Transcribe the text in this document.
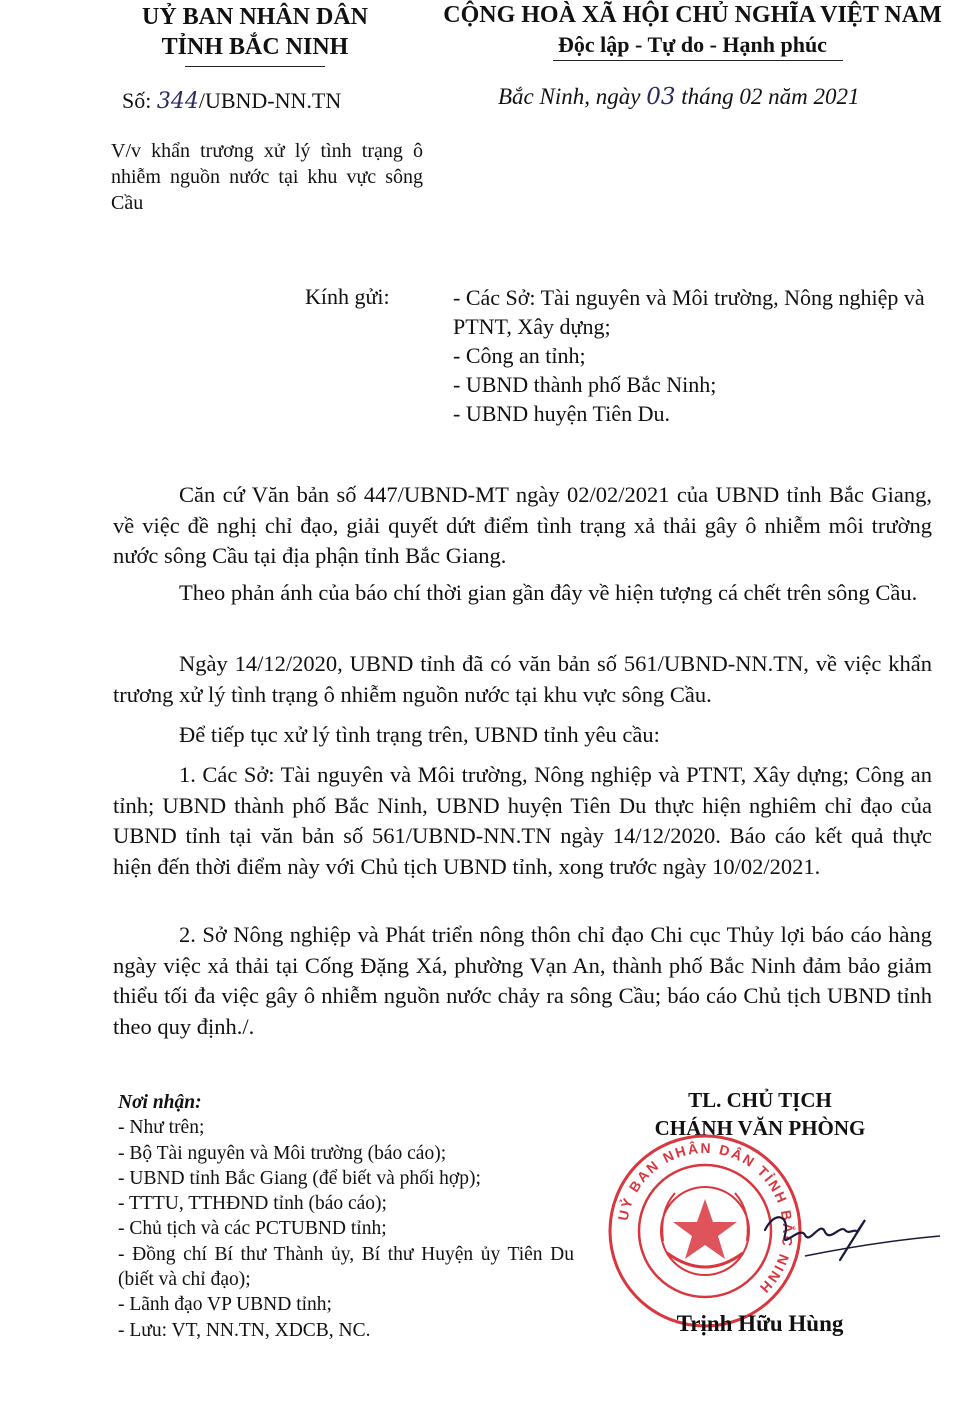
UỶ BAN NHÂN DÂN
TỈNH BẮC NINH
CỘNG HOÀ XÃ HỘI CHỦ NGHĨA VIỆT NAM
Độc lập - Tự do - Hạnh phúc
Số: 344/UBND-NN.TN	Bắc Ninh, ngày 03 tháng 02 năm 2021
V/v khẩn trương xử lý tình trạng ô nhiễm nguồn nước tại khu vực sông Cầu
Kính gửi:	- Các Sở: Tài nguyên và Môi trường, Nông nghiệp và PTNT, Xây dựng;
- Công an tỉnh;
- UBND thành phố Bắc Ninh;
- UBND huyện Tiên Du.
Căn cứ Văn bản số 447/UBND-MT ngày 02/02/2021 của UBND tỉnh Bắc Giang, về việc đề nghị chỉ đạo, giải quyết dứt điểm tình trạng xả thải gây ô nhiễm môi trường nước sông Cầu tại địa phận tỉnh Bắc Giang.
Theo phản ánh của báo chí thời gian gần đây về hiện tượng cá chết trên sông Cầu.
Ngày 14/12/2020, UBND tỉnh đã có văn bản số 561/UBND-NN.TN, về việc khẩn trương xử lý tình trạng ô nhiễm nguồn nước tại khu vực sông Cầu.
Để tiếp tục xử lý tình trạng trên, UBND tỉnh yêu cầu:
1. Các Sở: Tài nguyên và Môi trường, Nông nghiệp và PTNT, Xây dựng; Công an tỉnh; UBND thành phố Bắc Ninh, UBND huyện Tiên Du thực hiện nghiêm chỉ đạo của UBND tỉnh tại văn bản số 561/UBND-NN.TN ngày 14/12/2020. Báo cáo kết quả thực hiện đến thời điểm này với Chủ tịch UBND tỉnh, xong trước ngày 10/02/2021.
2. Sở Nông nghiệp và Phát triển nông thôn chỉ đạo Chi cục Thủy lợi báo cáo hàng ngày việc xả thải tại Cống Đặng Xá, phường Vạn An, thành phố Bắc Ninh đảm bảo giảm thiểu tối đa việc gây ô nhiễm nguồn nước chảy ra sông Cầu; báo cáo Chủ tịch UBND tỉnh theo quy định./.
Nơi nhận:
- Như trên;
- Bộ Tài nguyên và Môi trường (báo cáo);
- UBND tỉnh Bắc Giang (để biết và phối hợp);
- TTTU, TTHĐND tỉnh (báo cáo);
- Chủ tịch và các PCTUBND tỉnh;
- Đồng chí Bí thư Thành ủy, Bí thư Huyện ủy Tiên Du (biết và chỉ đạo);
- Lãnh đạo VP UBND tỉnh;
- Lưu: VT, NN.TN, XDCB, NC.
TL. CHỦ TỊCH
CHÁNH VĂN PHÒNG
UỶ BAN NHÂN DÂN TỈNH BẮC NINH
Trịnh Hữu Hùng
